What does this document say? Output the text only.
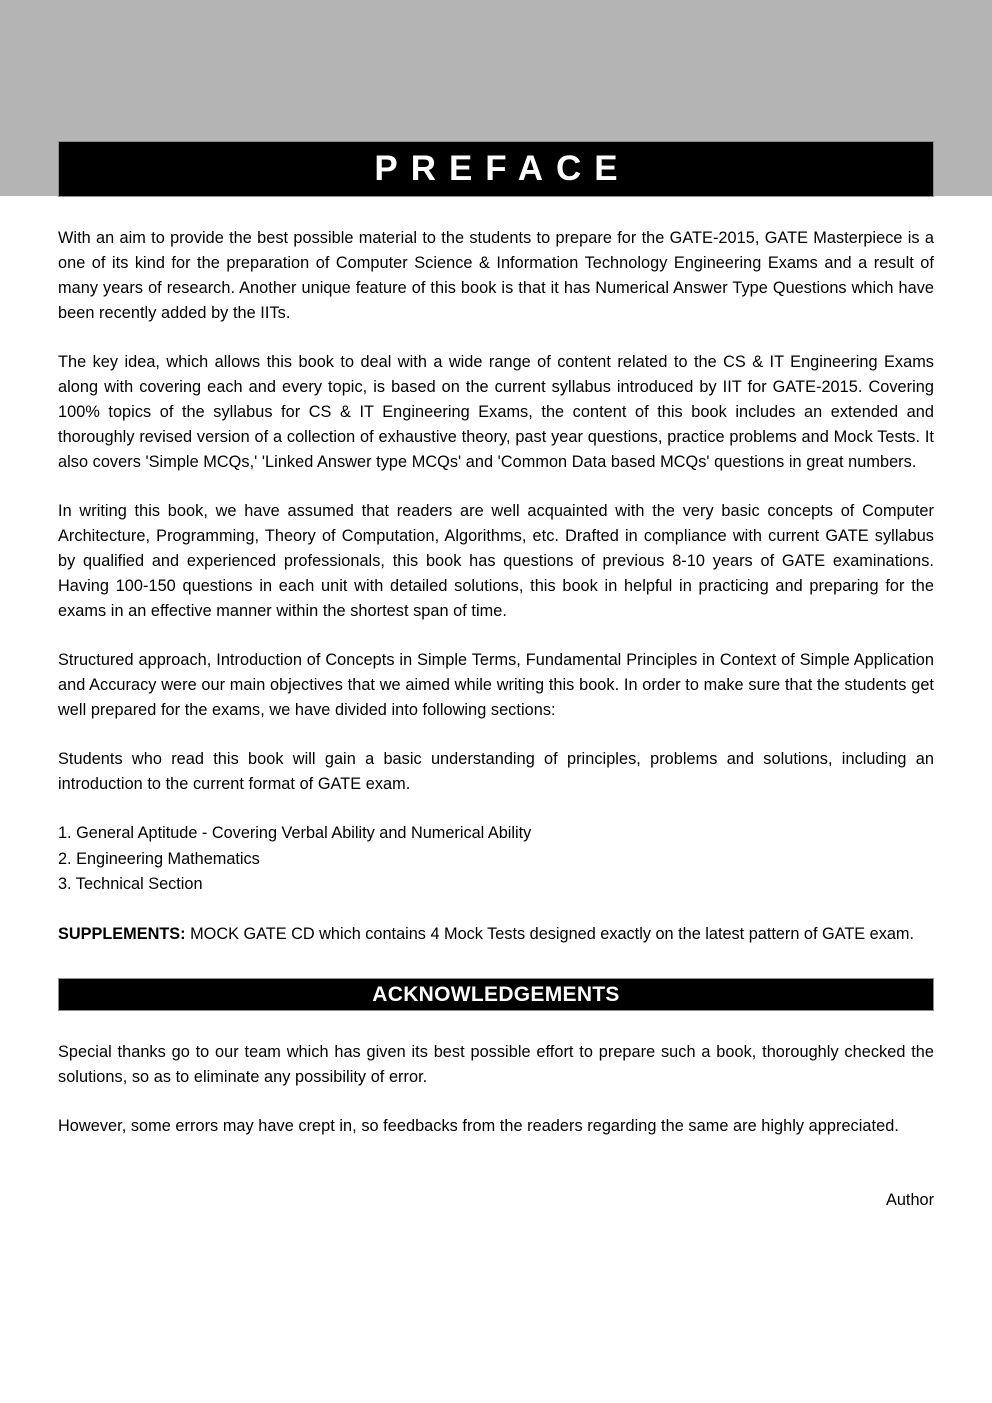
PREFACE

With an aim to provide the best possible material to the students to prepare for the GATE-2015, GATE Masterpiece is a one of its kind for the preparation of Computer Science & Information Technology Engineering Exams and a result of many years of research. Another unique feature of this book is that it has Numerical Answer Type Questions which have been recently added by the IITs.

The key idea, which allows this book to deal with a wide range of content related to the CS & IT Engineering Exams along with covering each and every topic, is based on the current syllabus introduced by IIT for GATE-2015. Covering 100% topics of the syllabus for CS & IT Engineering Exams, the content of this book includes an extended and thoroughly revised version of a collection of exhaustive theory, past year questions, practice problems and Mock Tests. It also covers 'Simple MCQs,' 'Linked Answer type MCQs' and 'Common Data based MCQs' questions in great numbers.

In writing this book, we have assumed that readers are well acquainted with the very basic concepts of Computer Architecture, Programming, Theory of Computation, Algorithms, etc. Drafted in compliance with current GATE syllabus by qualified and experienced professionals, this book has questions of previous 8-10 years of GATE examinations. Having 100-150 questions in each unit with detailed solutions, this book in helpful in practicing and preparing for the exams in an effective manner within the shortest span of time.

Structured approach, Introduction of Concepts in Simple Terms, Fundamental Principles in Context of Simple Application and Accuracy were our main objectives that we aimed while writing this book. In order to make sure that the students get well prepared for the exams, we have divided into following sections:

Students who read this book will gain a basic understanding of principles, problems and solutions, including an introduction to the current format of GATE exam.

1. General Aptitude - Covering Verbal Ability and Numerical Ability
2. Engineering Mathematics
3. Technical Section

SUPPLEMENTS: MOCK GATE CD which contains 4 Mock Tests designed exactly on the latest pattern of GATE exam.

ACKNOWLEDGEMENTS

Special thanks go to our team which has given its best possible effort to prepare such a book, thoroughly checked the solutions, so as to eliminate any possibility of error.

However, some errors may have crept in, so feedbacks from the readers regarding the same are highly appreciated.

Author
